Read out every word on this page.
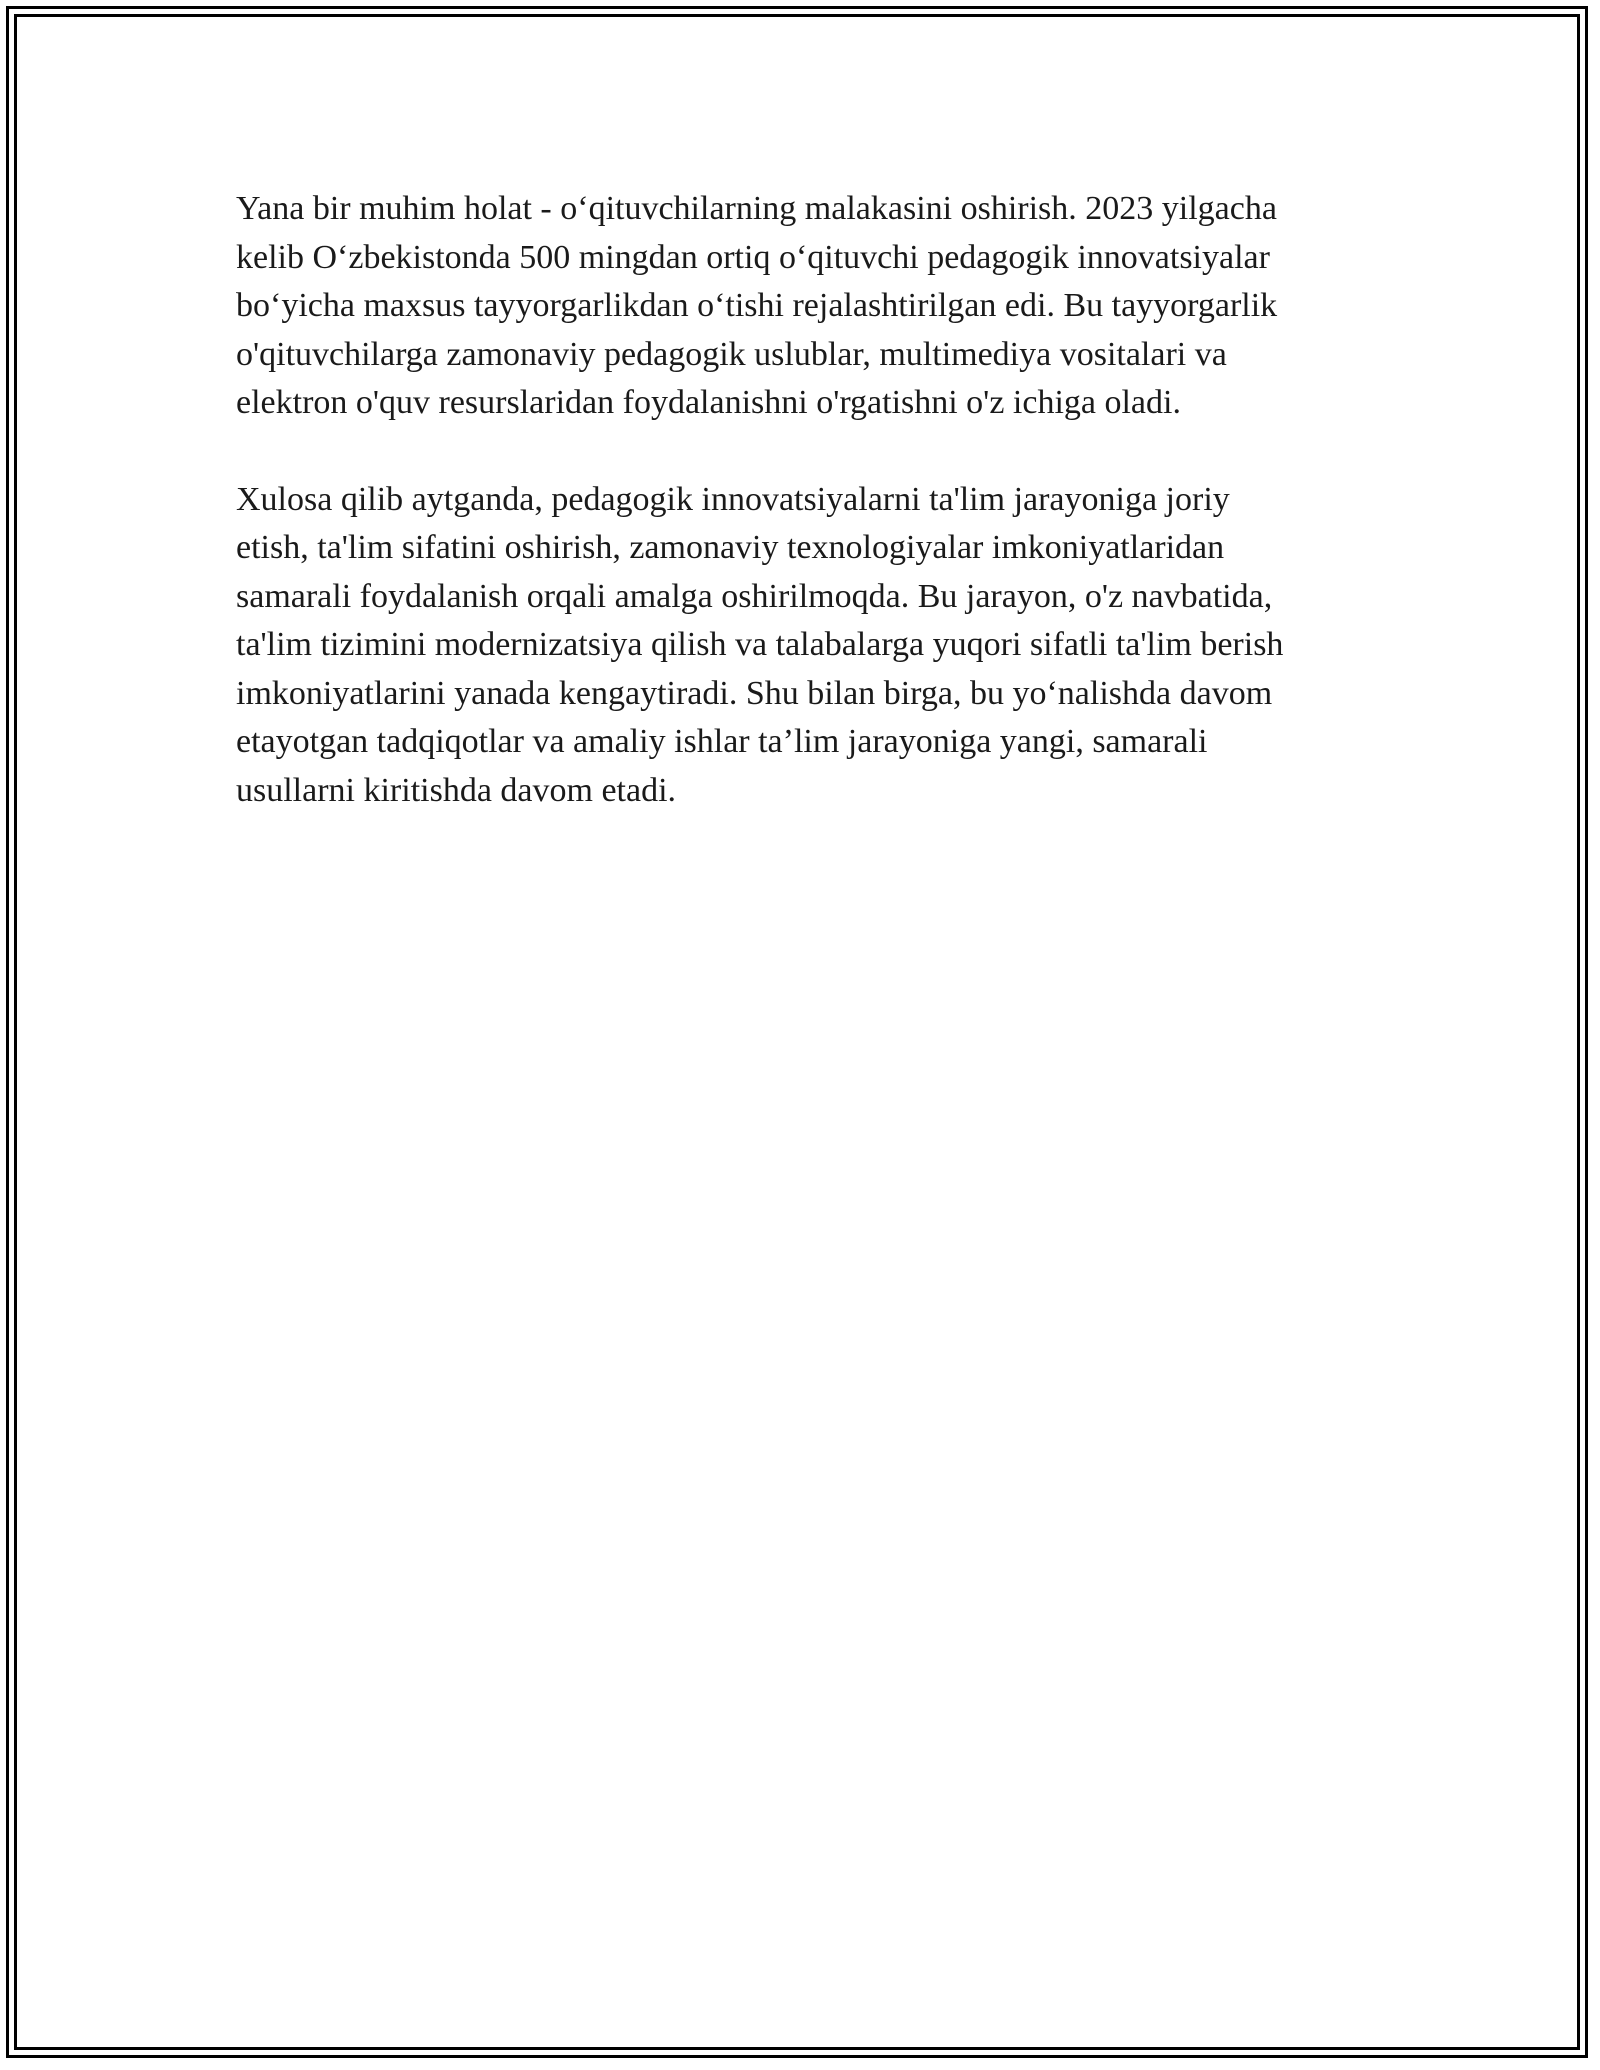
Yana bir muhim holat - o‘qituvchilarning malakasini oshirish. 2023 yilgacha
kelib O‘zbekistonda 500 mingdan ortiq o‘qituvchi pedagogik innovatsiyalar
bo‘yicha maxsus tayyorgarlikdan o‘tishi rejalashtirilgan edi. Bu tayyorgarlik
o'qituvchilarga zamonaviy pedagogik uslublar, multimediya vositalari va
elektron o'quv resurslaridan foydalanishni o'rgatishni o'z ichiga oladi.

Xulosa qilib aytganda, pedagogik innovatsiyalarni ta'lim jarayoniga joriy
etish, ta'lim sifatini oshirish, zamonaviy texnologiyalar imkoniyatlaridan
samarali foydalanish orqali amalga oshirilmoqda. Bu jarayon, o'z navbatida,
ta'lim tizimini modernizatsiya qilish va talabalarga yuqori sifatli ta'lim berish
imkoniyatlarini yanada kengaytiradi. Shu bilan birga, bu yo‘nalishda davom
etayotgan tadqiqotlar va amaliy ishlar ta’lim jarayoniga yangi, samarali
usullarni kiritishda davom etadi.
